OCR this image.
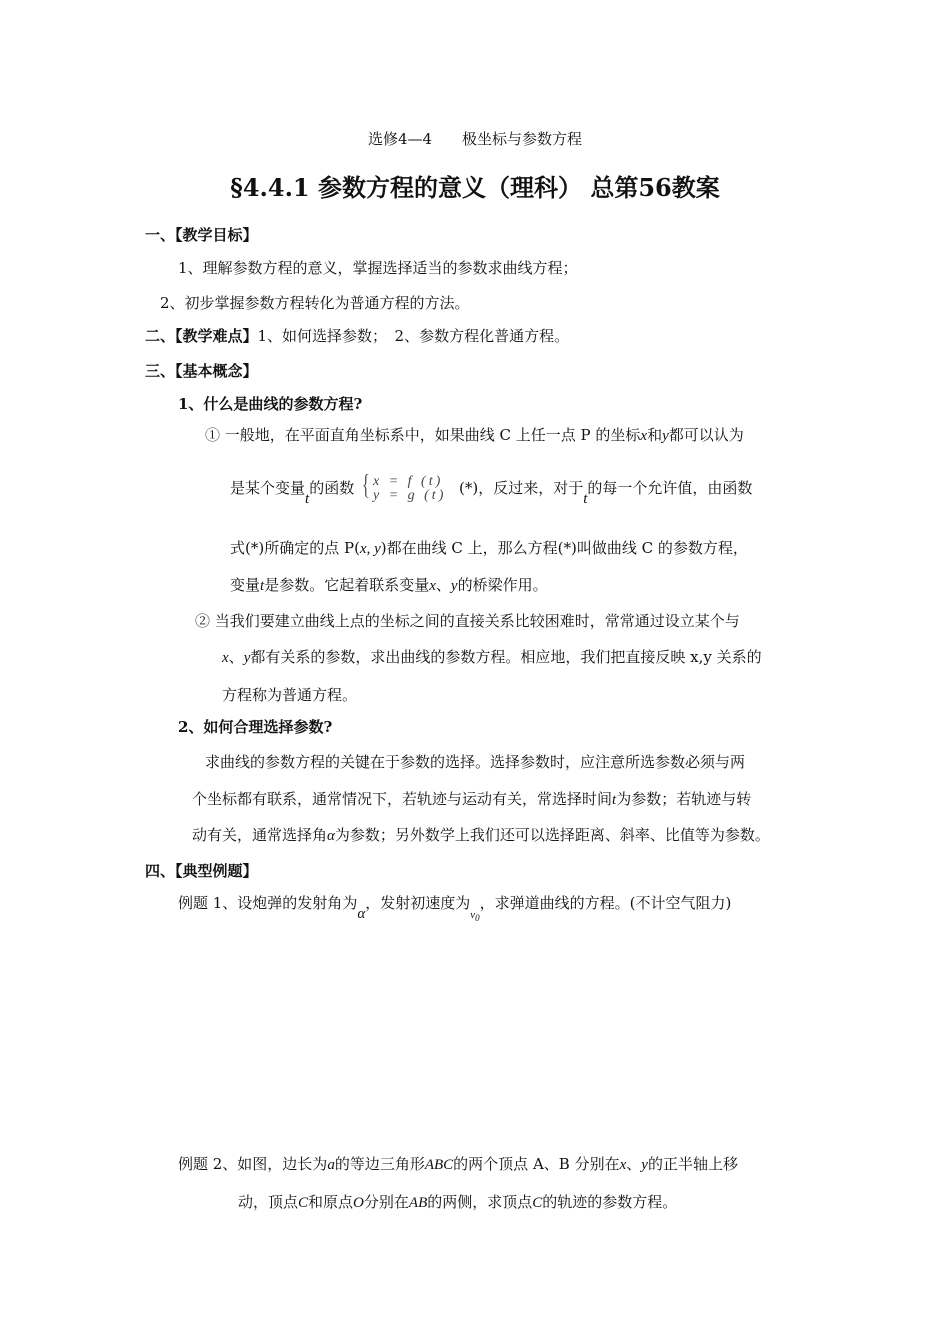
选修4—4　　极坐标与参数方程
§4.4.1 参数方程的意义（理科） 总第56教案
一、【教学目标】
1、理解参数方程的意义，掌握选择适当的参数求曲线方程；
2、初步掌握参数方程转化为普通方程的方法。
二、【教学难点】1、如何选择参数；　2、参数方程化普通方程。
三、【基本概念】
1、什么是曲线的参数方程?
① 一般地，在平面直角坐标系中，如果曲线 C 上任一点 P 的坐标x和y都可以认为
是某个变量t的函数 { x = f (t)
y = g (t) (*)，反过来，对于t的每一个允许值，由函数
式(*)所确定的点 P(x, y)都在曲线 C 上，那么方程(*)叫做曲线 C 的参数方程，
变量t是参数。它起着联系变量x、y的桥梁作用。
② 当我们要建立曲线上点的坐标之间的直接关系比较困难时，常常通过设立某个与
x、y都有关系的参数，求出曲线的参数方程。相应地，我们把直接反映 x,y 关系的
方程称为普通方程。
2、如何合理选择参数?
求曲线的参数方程的关键在于参数的选择。选择参数时，应注意所选参数必须与两
个坐标都有联系，通常情况下，若轨迹与运动有关，常选择时间t为参数；若轨迹与转
动有关，通常选择角α为参数；另外数学上我们还可以选择距离、斜率、比值等为参数。
四、【典型例题】
例题 1、设炮弹的发射角为α，发射初速度为$_{v_0}$，求弹道曲线的方程。(不计空气阻力)
例题 2、如图，边长为a的等边三角形ABC的两个顶点 A、B 分别在x、y的正半轴上移
动，顶点C和原点O分别在AB的两侧，求顶点C的轨迹的参数方程。
